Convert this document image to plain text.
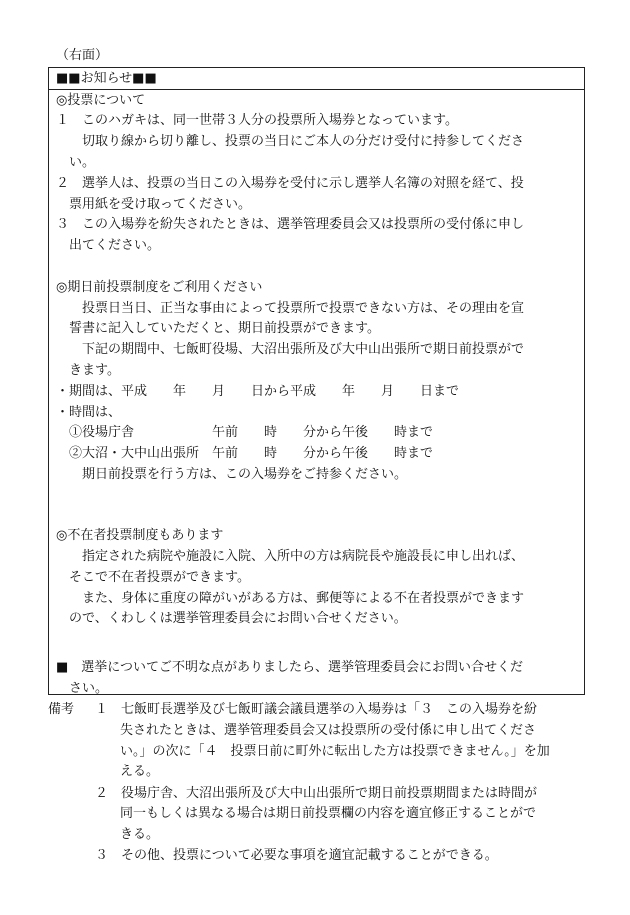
（右面）
■■お知らせ■■
◎投票について
１　このハガキは、同一世帯３人分の投票所入場券となっています。
切取り線から切り離し、投票の当日にご本人の分だけ受付に持参してくださ
い。
２　選挙人は、投票の当日この入場券を受付に示し選挙人名簿の対照を経て、投
票用紙を受け取ってください。
３　この入場券を紛失されたときは、選挙管理委員会又は投票所の受付係に申し
出てください。
◎期日前投票制度をご利用ください
投票日当日、正当な事由によって投票所で投票できない方は、その理由を宣
誓書に記入していただくと、期日前投票ができます。
下記の期間中、七飯町役場、大沼出張所及び大中山出張所で期日前投票がで
きます。
・期間は、平成　　年　　月　　日から平成　　年　　月　　日まで
・時間は、
①役場庁舎　　　　　　午前　　時　　分から午後　　時まで
②大沼・大中山出張所　午前　　時　　分から午後　　時まで
期日前投票を行う方は、この入場券をご持参ください。
◎不在者投票制度もあります
指定された病院や施設に入院、入所中の方は病院長や施設長に申し出れば、
そこで不在者投票ができます。
また、身体に重度の障がいがある方は、郵便等による不在者投票ができます
ので、くわしくは選挙管理委員会にお問い合せください。
■　選挙についてご不明な点がありましたら、選挙管理委員会にお問い合せくだ
さい。
備考 １　七飯町長選挙及び七飯町議会議員選挙の入場券は「３　この入場券を紛
失されたときは、選挙管理委員会又は投票所の受付係に申し出てくださ
い。」の次に「４　投票日前に町外に転出した方は投票できません。」を加
える。
２　役場庁舎、大沼出張所及び大中山出張所で期日前投票期間または時間が
同一もしくは異なる場合は期日前投票欄の内容を適宜修正することがで
きる。
３　その他、投票について必要な事項を適宜記載することができる。
